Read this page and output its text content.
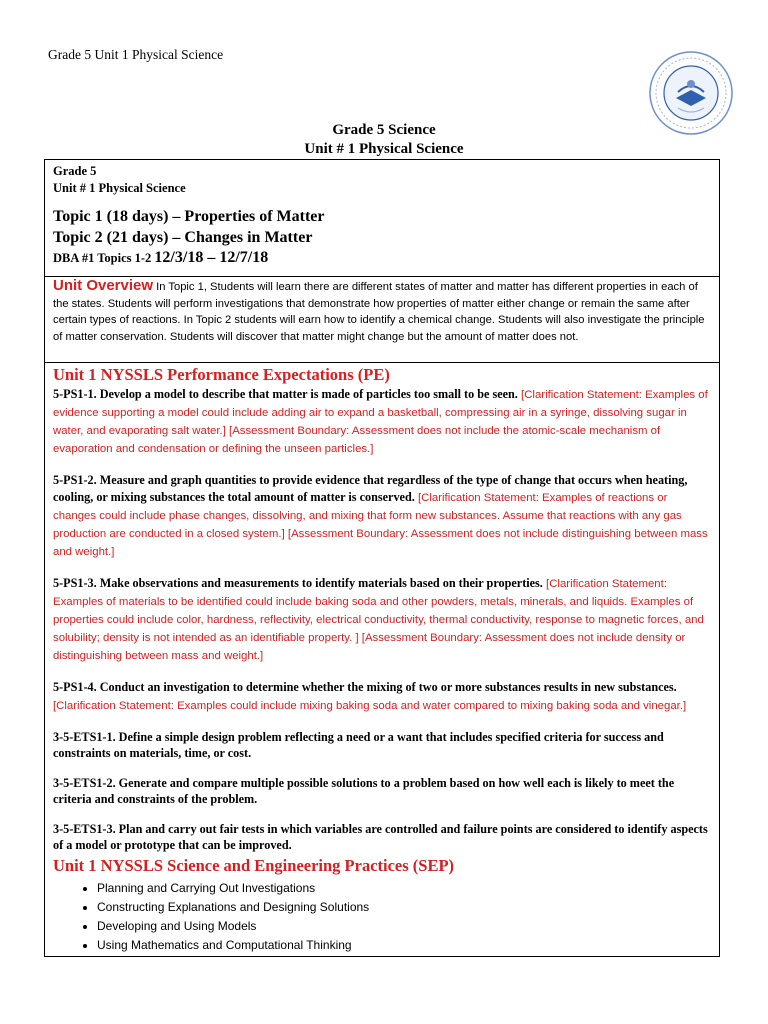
Grade 5 Unit 1 Physical Science
Grade 5 Science
Unit # 1 Physical Science
Grade 5
Unit # 1 Physical Science
Topic 1 (18 days) – Properties of Matter
Topic 2 (21 days) – Changes in Matter
DBA #1 Topics 1-2 12/3/18 – 12/7/18
Unit Overview In Topic 1, Students will learn there are different states of matter and matter has different properties in each of the states. Students will perform investigations that demonstrate how properties of matter either change or remain the same after certain types of reactions. In Topic 2 students will earn how to identify a chemical change. Students will also investigate the principle of matter conservation. Students will discover that matter might change but the amount of matter does not.
Unit 1 NYSSLS Performance Expectations (PE)

5-PS1-1. Develop a model to describe that matter is made of particles too small to be seen. [Clarification Statement: Examples of evidence supporting a model could include adding air to expand a basketball, compressing air in a syringe, dissolving sugar in water, and evaporating salt water.] [Assessment Boundary: Assessment does not include the atomic-scale mechanism of evaporation and condensation or defining the unseen particles.]

5-PS1-2. Measure and graph quantities to provide evidence that regardless of the type of change that occurs when heating, cooling, or mixing substances the total amount of matter is conserved. [Clarification Statement: Examples of reactions or changes could include phase changes, dissolving, and mixing that form new substances. Assume that reactions with any gas production are conducted in a closed system.] [Assessment Boundary: Assessment does not include distinguishing between mass and weight.]

5-PS1-3. Make observations and measurements to identify materials based on their properties. [Clarification Statement: Examples of materials to be identified could include baking soda and other powders, metals, minerals, and liquids. Examples of properties could include color, hardness, reflectivity, electrical conductivity, thermal conductivity, response to magnetic forces, and solubility; density is not intended as an identifiable property. ] [Assessment Boundary: Assessment does not include density or distinguishing between mass and weight.]

5-PS1-4. Conduct an investigation to determine whether the mixing of two or more substances results in new substances. [Clarification Statement: Examples could include mixing baking soda and water compared to mixing baking soda and vinegar.]

3-5-ETS1-1. Define a simple design problem reflecting a need or a want that includes specified criteria for success and constraints on materials, time, or cost.

3-5-ETS1-2. Generate and compare multiple possible solutions to a problem based on how well each is likely to meet the criteria and constraints of the problem.

3-5-ETS1-3. Plan and carry out fair tests in which variables are controlled and failure points are considered to identify aspects of a model or prototype that can be improved.

Unit 1 NYSSLS Science and Engineering Practices (SEP)
• Planning and Carrying Out Investigations
• Constructing Explanations and Designing Solutions
• Developing and Using Models
• Using Mathematics and Computational Thinking
